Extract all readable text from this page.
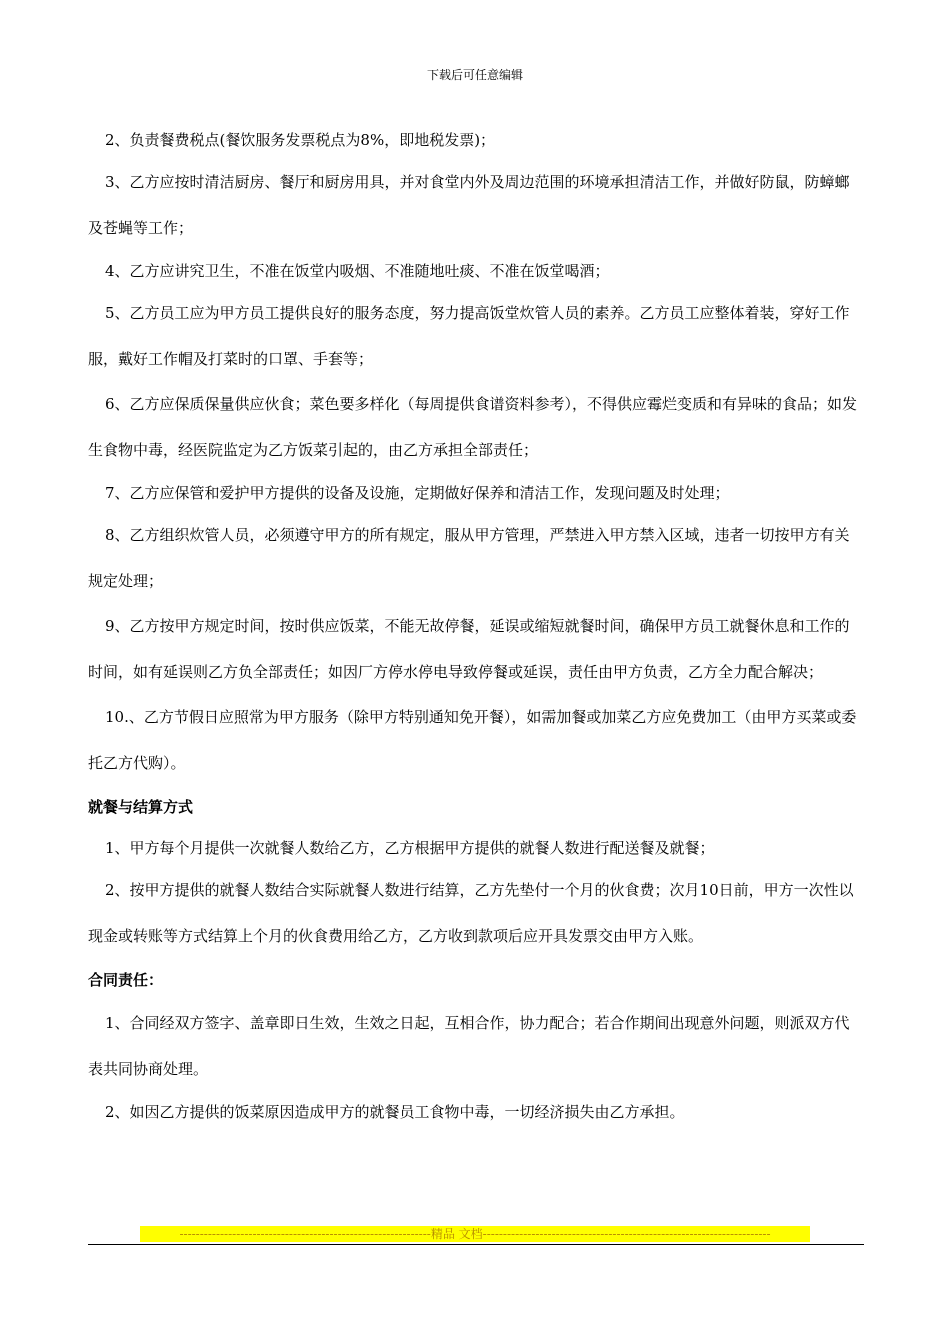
下载后可任意编辑

2、负责餐费税点(餐饮服务发票税点为8%，即地税发票)；

3、乙方应按时清洁厨房、餐厅和厨房用具，并对食堂内外及周边范围的环境承担清洁工作，并做好防鼠，防蟑螂及苍蝇等工作；

4、乙方应讲究卫生，不准在饭堂内吸烟、不准随地吐痰、不准在饭堂喝酒；

5、乙方员工应为甲方员工提供良好的服务态度，努力提高饭堂炊管人员的素养。乙方员工应整体着装，穿好工作服，戴好工作帽及打菜时的口罩、手套等；

6、乙方应保质保量供应伙食；菜色要多样化（每周提供食谱资料参考），不得供应霉烂变质和有异味的食品；如发生食物中毒，经医院监定为乙方饭菜引起的，由乙方承担全部责任；

7、乙方应保管和爱护甲方提供的设备及设施，定期做好保养和清洁工作，发现问题及时处理；

8、乙方组织炊管人员，必须遵守甲方的所有规定，服从甲方管理，严禁进入甲方禁入区域，违者一切按甲方有关规定处理；

9、乙方按甲方规定时间，按时供应饭菜，不能无故停餐，延误或缩短就餐时间，确保甲方员工就餐休息和工作的时间，如有延误则乙方负全部责任；如因厂方停水停电导致停餐或延误，责任由甲方负责，乙方全力配合解决；

10.、乙方节假日应照常为甲方服务（除甲方特别通知免开餐），如需加餐或加菜乙方应免费加工（由甲方买菜或委托乙方代购）。

就餐与结算方式

1、甲方每个月提供一次就餐人数给乙方，乙方根据甲方提供的就餐人数进行配送餐及就餐；

2、按甲方提供的就餐人数结合实际就餐人数进行结算，乙方先垫付一个月的伙食费；次月10日前，甲方一次性以现金或转账等方式结算上个月的伙食费用给乙方，乙方收到款项后应开具发票交由甲方入账。

合同责任：

1、合同经双方签字、盖章即日生效，生效之日起，互相合作，协力配合；若合作期间出现意外问题，则派双方代表共同协商处理。

2、如因乙方提供的饭菜原因造成甲方的就餐员工食物中毒，一切经济损失由乙方承担。

--------------------------------------------------------------精品 文档-----------------------------------------------------------------------
